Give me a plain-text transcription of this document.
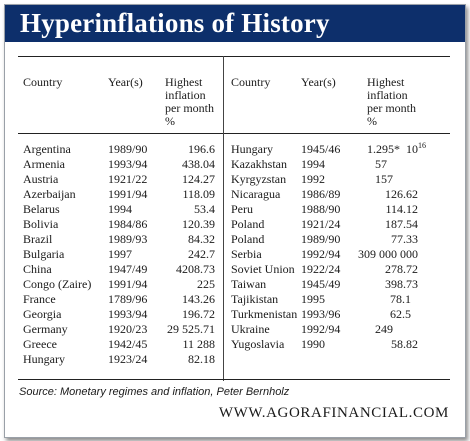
Hyperinflations of History
Country	Year(s) Highest
inflation
per month
%
Country	Year(s)	Highest
inflation
per month
%
Argentina	1989/90	196.6
Armenia	1993/94	438.04
Austria	1921/22	124.27
Azerbaijan	1991/94	118.09
Belarus	1994	53.4
Bolivia	1984/86	120.39
Brazil	1989/93	84.32
Bulgaria	1997	242.7
China	1947/49	4208.73
Congo (Zaire) 1991/94	225
France	1789/96	143.26
Georgia	1993/94	196.72
Germany	1920/23	29 525.71
Greece	1942/45	11 288
Hungary	1923/24	82.18
Hungary 1945/46 1.295* $10^{16}$
Kazakhstan 1994	57
Kyrgyzstan 1992	157
Nicaragua 1986/89	126.62
Peru	1988/90	114.12
Poland	1921/24	187.54
Poland	1989/90	77.33
Serbia	1992/94 309 000 000
Soviet Union 1922/24	278.72
Taiwan	1945/49	398.73
Tajikistan 1995	78.1
Turkmenistan 1993/96	62.5
Ukraine	1992/94	249
Yugoslavia 1990	58.82
Source: Monetary regimes and inflation, Peter Bernholz
WWW.AGORAFINANCIAL.COM
